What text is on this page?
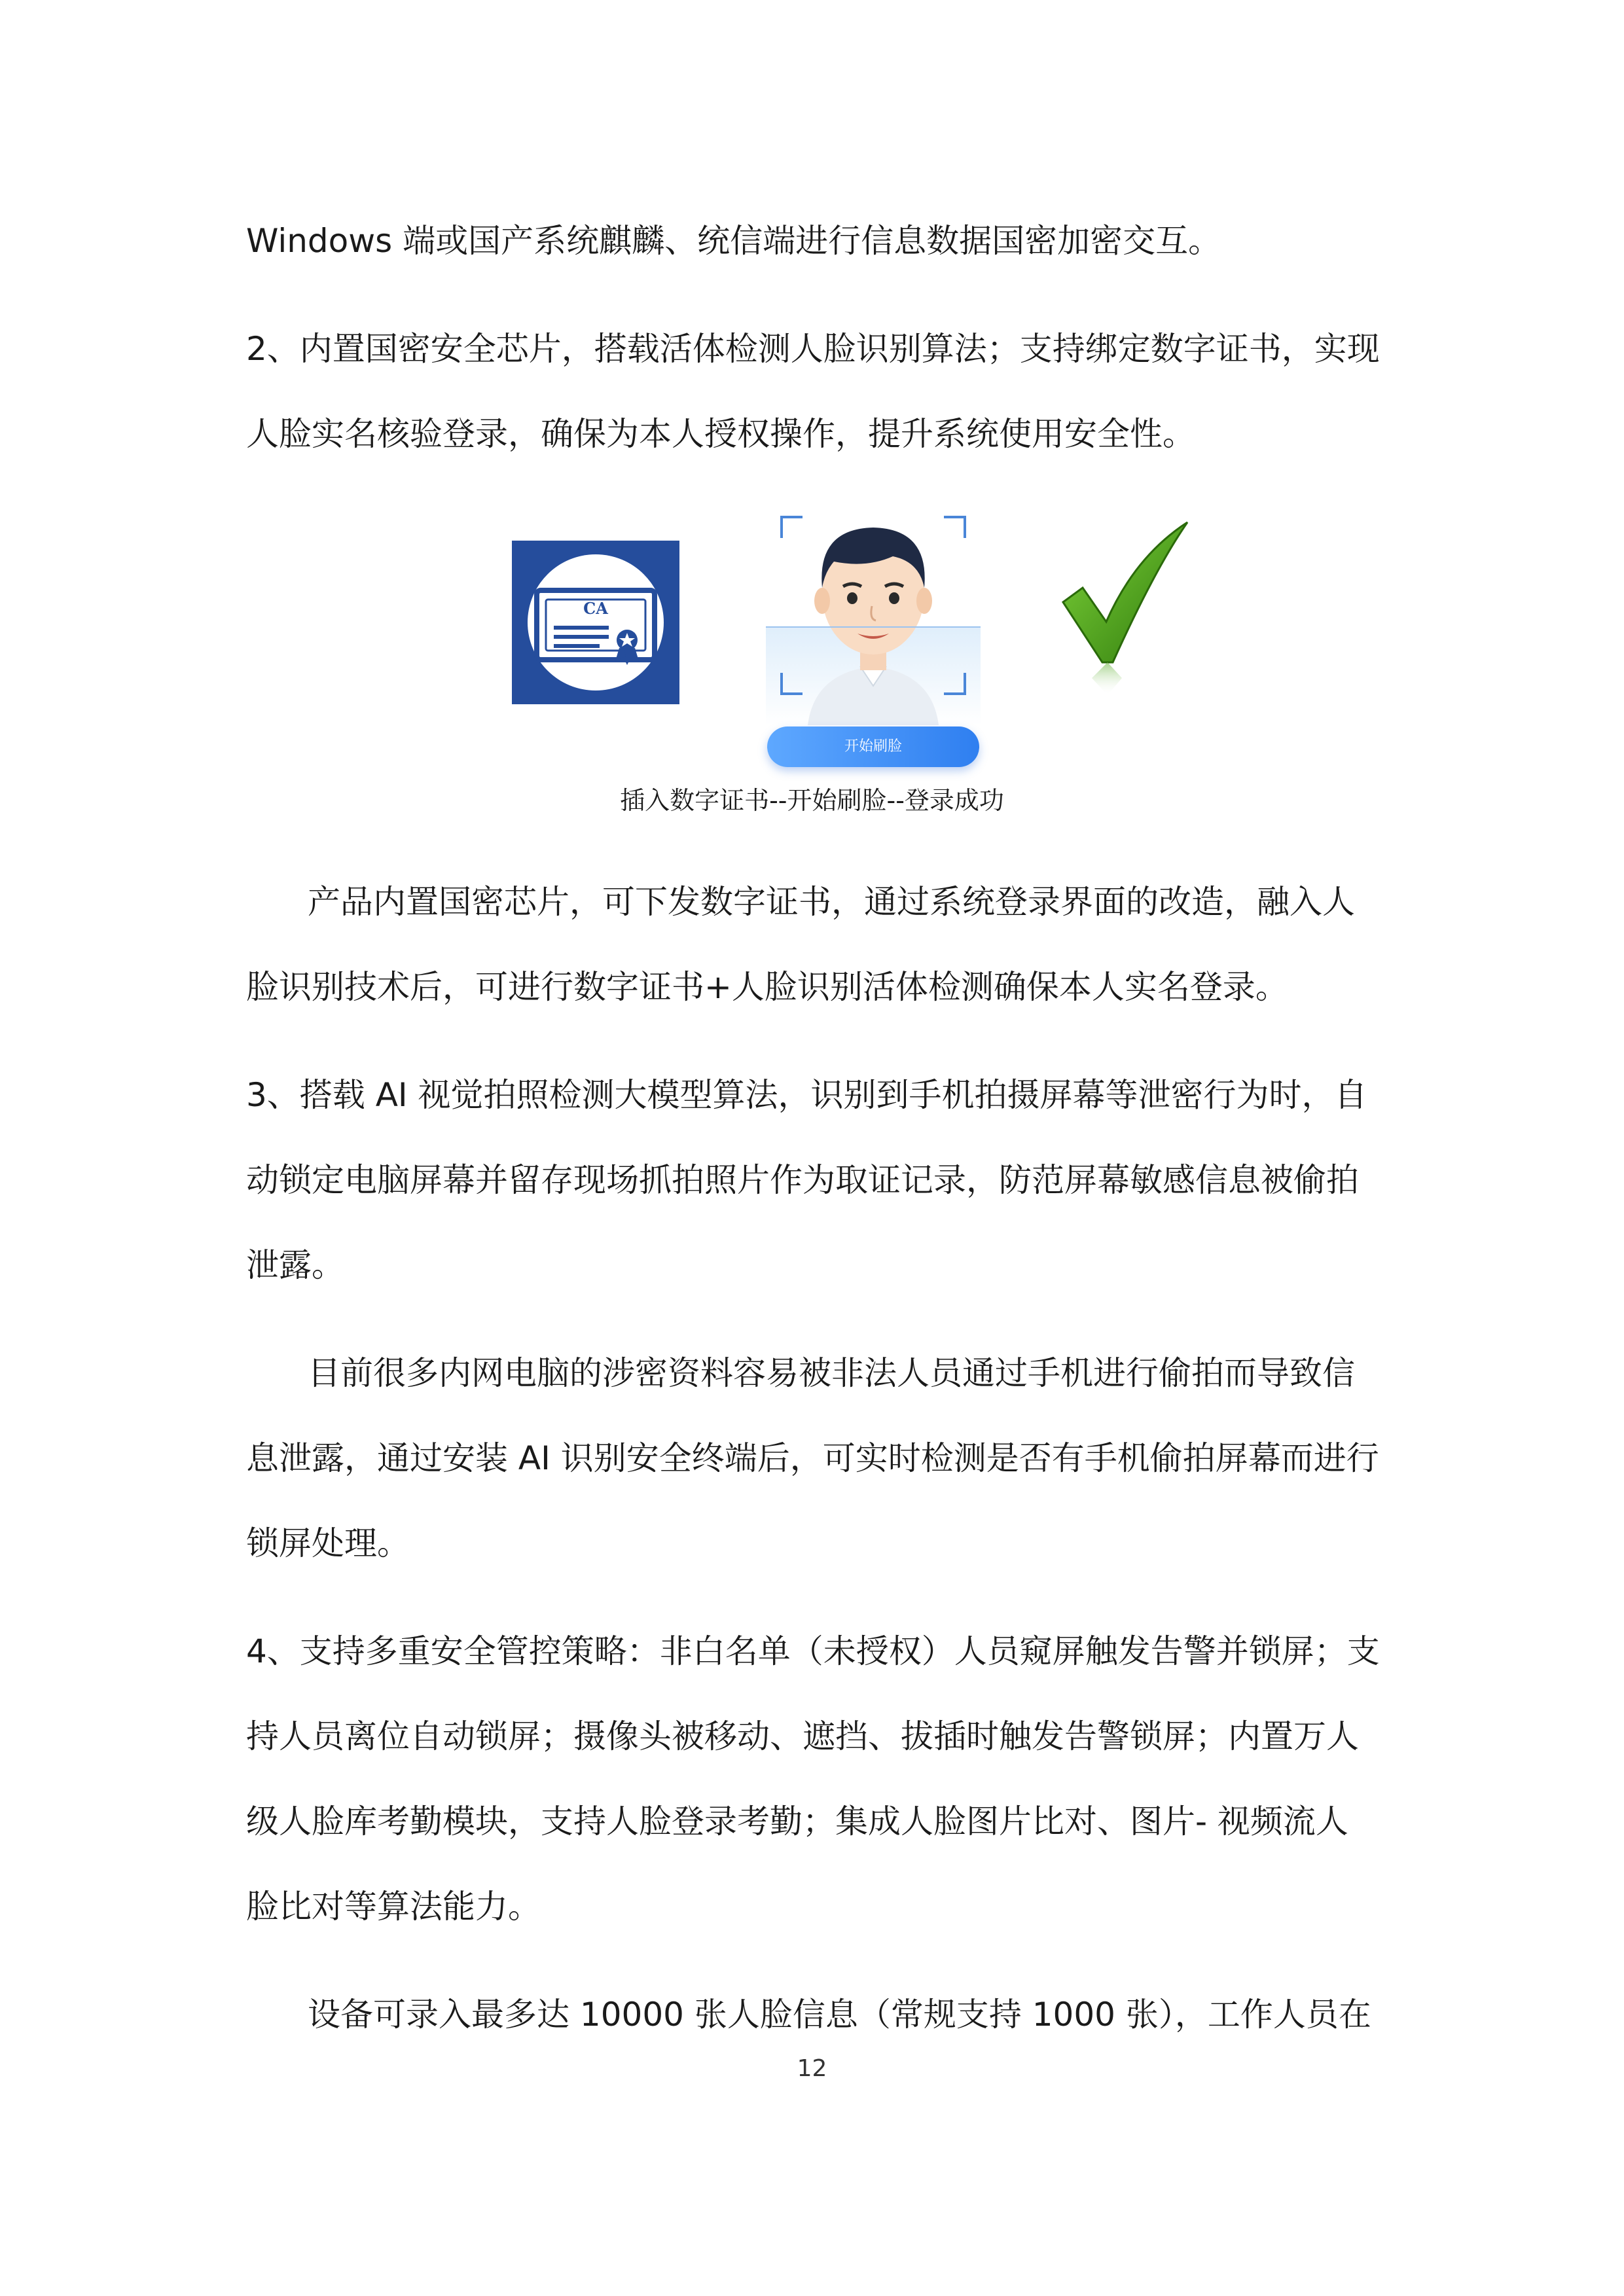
Windows 端或国产系统麒麟、统信端进行信息数据国密加密交互。
2、内置国密安全芯片，搭载活体检测人脸识别算法；支持绑定数字证书，实现
人脸实名核验登录，确保为本人授权操作，提升系统使用安全性。
CA
开始刷脸
插入数字证书--开始刷脸--登录成功
产品内置国密芯片，可下发数字证书，通过系统登录界面的改造，融入人
脸识别技术后，可进行数字证书+人脸识别活体检测确保本人实名登录。
3、搭载 AI 视觉拍照检测大模型算法，识别到手机拍摄屏幕等泄密行为时，自
动锁定电脑屏幕并留存现场抓拍照片作为取证记录，防范屏幕敏感信息被偷拍
泄露。
目前很多内网电脑的涉密资料容易被非法人员通过手机进行偷拍而导致信
息泄露，通过安装 AI 识别安全终端后，可实时检测是否有手机偷拍屏幕而进行
锁屏处理。
4、支持多重安全管控策略：非白名单（未授权）人员窥屏触发告警并锁屏；支
持人员离位自动锁屏；摄像头被移动、遮挡、拔插时触发告警锁屏；内置万人
级人脸库考勤模块，支持人脸登录考勤；集成人脸图片比对、图片- 视频流人
脸比对等算法能力。
设备可录入最多达 10000 张人脸信息（常规支持 1000 张），工作人员在
12
